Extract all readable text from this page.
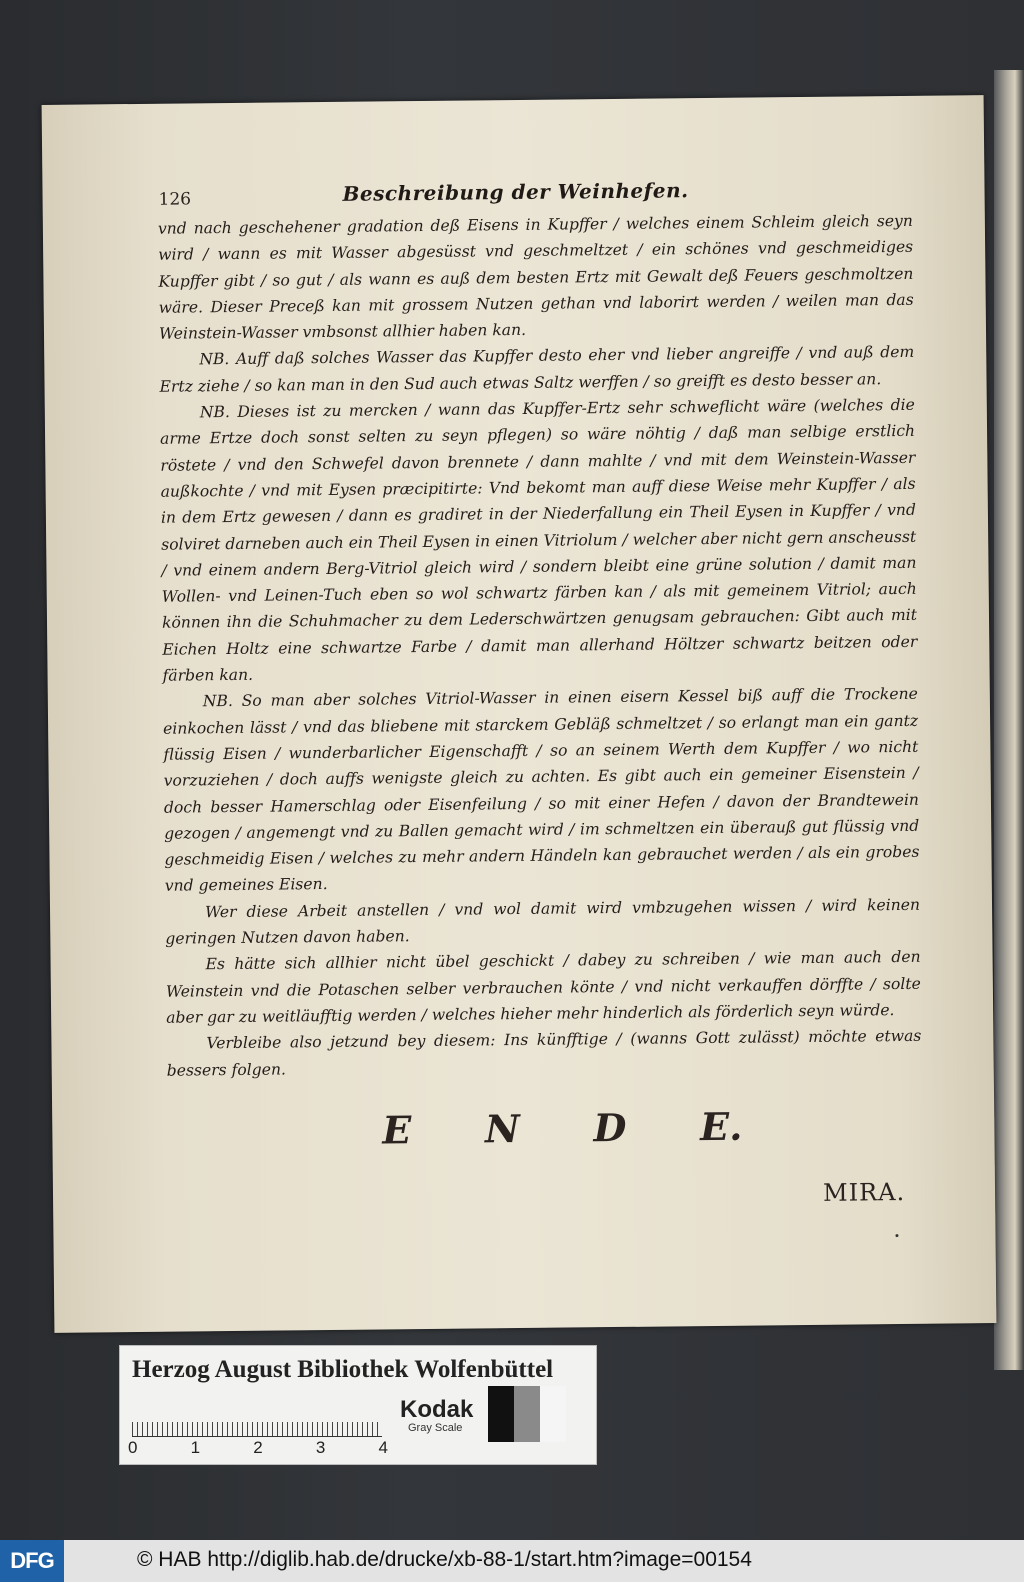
126	Beschreibung der Weinhefen.

vnd nach geschehener gradation deß Eisens in Kupffer / welches einem Schleim gleich seyn wird / wann es mit Wasser abgesüsst vnd geschmeltzet / ein schönes vnd geschmeidiges Kupffer gibt / so gut / als wann es auß dem besten Ertz mit Gewalt deß Feuers geschmoltzen wäre. Dieser Preceß kan mit grossem Nutzen gethan vnd laborirt werden / weilen man das Weinstein-Wasser vmbsonst allhier haben kan.

NB. Auff daß solches Wasser das Kupffer desto eher vnd lieber angreiffe / vnd auß dem Ertz ziehe / so kan man in den Sud auch etwas Saltz werffen / so greifft es desto besser an.

NB. Dieses ist zu mercken / wann das Kupffer-Ertz sehr schweflicht wäre (welches die arme Ertze doch sonst selten zu seyn pflegen) so wäre nöhtig / daß man selbige erstlich röstete / vnd den Schwefel davon brennete / dann mahlte / vnd mit dem Weinstein-Wasser außkochte / vnd mit Eysen præcipitirte: Vnd bekomt man auff diese Weise mehr Kupffer / als in dem Ertz gewesen / dann es gradiret in der Niederfallung ein Theil Eysen in Kupffer / vnd solviret darneben auch ein Theil Eysen in einen Vitriolum / welcher aber nicht gern anscheusst / vnd einem andern Berg-Vitriol gleich wird / sondern bleibt eine grüne solution / damit man Wollen- vnd Leinen-Tuch eben so wol schwartz färben kan / als mit gemeinem Vitriol; auch können ihn die Schuhmacher zu dem Lederschwärtzen genugsam gebrauchen: Gibt auch mit Eichen Holtz eine schwartze Farbe / damit man allerhand Höltzer schwartz beitzen oder färben kan.

NB. So man aber solches Vitriol-Wasser in einen eisern Kessel biß auff die Trockene einkochen lässt / vnd das bliebene mit starckem Gebläß schmeltzet / so erlangt man ein gantz flüssig Eisen / wunderbarlicher Eigenschafft / so an seinem Werth dem Kupffer / wo nicht vorzuziehen / doch auffs wenigste gleich zu achten. Es gibt auch ein gemeiner Eisenstein / doch besser Hamerschlag oder Eisenfeilung / so mit einer Hefen / davon der Brandtewein gezogen / angemengt vnd zu Ballen gemacht wird / im schmeltzen ein überauß gut flüssig vnd geschmeidig Eisen / welches zu mehr andern Händeln kan gebrauchet werden / als ein grobes vnd gemeines Eisen.

Wer diese Arbeit anstellen / vnd wol damit wird vmbzugehen wissen / wird keinen geringen Nutzen davon haben.

Es hätte sich allhier nicht übel geschickt / dabey zu schreiben / wie man auch den Weinstein vnd die Potaschen selber verbrauchen könte / vnd nicht verkauffen dörffte / solte aber gar zu weitläufftig werden / welches hieher mehr hinderlich als förderlich seyn würde.

Verbleibe also jetzund bey diesem: Ins künfftige / (wanns Gott zulässt) möchte etwas bessers folgen.

E N D E.
MIRA.
Herzog August Bibliothek Wolfenbüttel
0	1	2	3	4
Kodak
Gray Scale
DFG	© HAB http://diglib.hab.de/drucke/xb-88-1/start.htm?image=00154
